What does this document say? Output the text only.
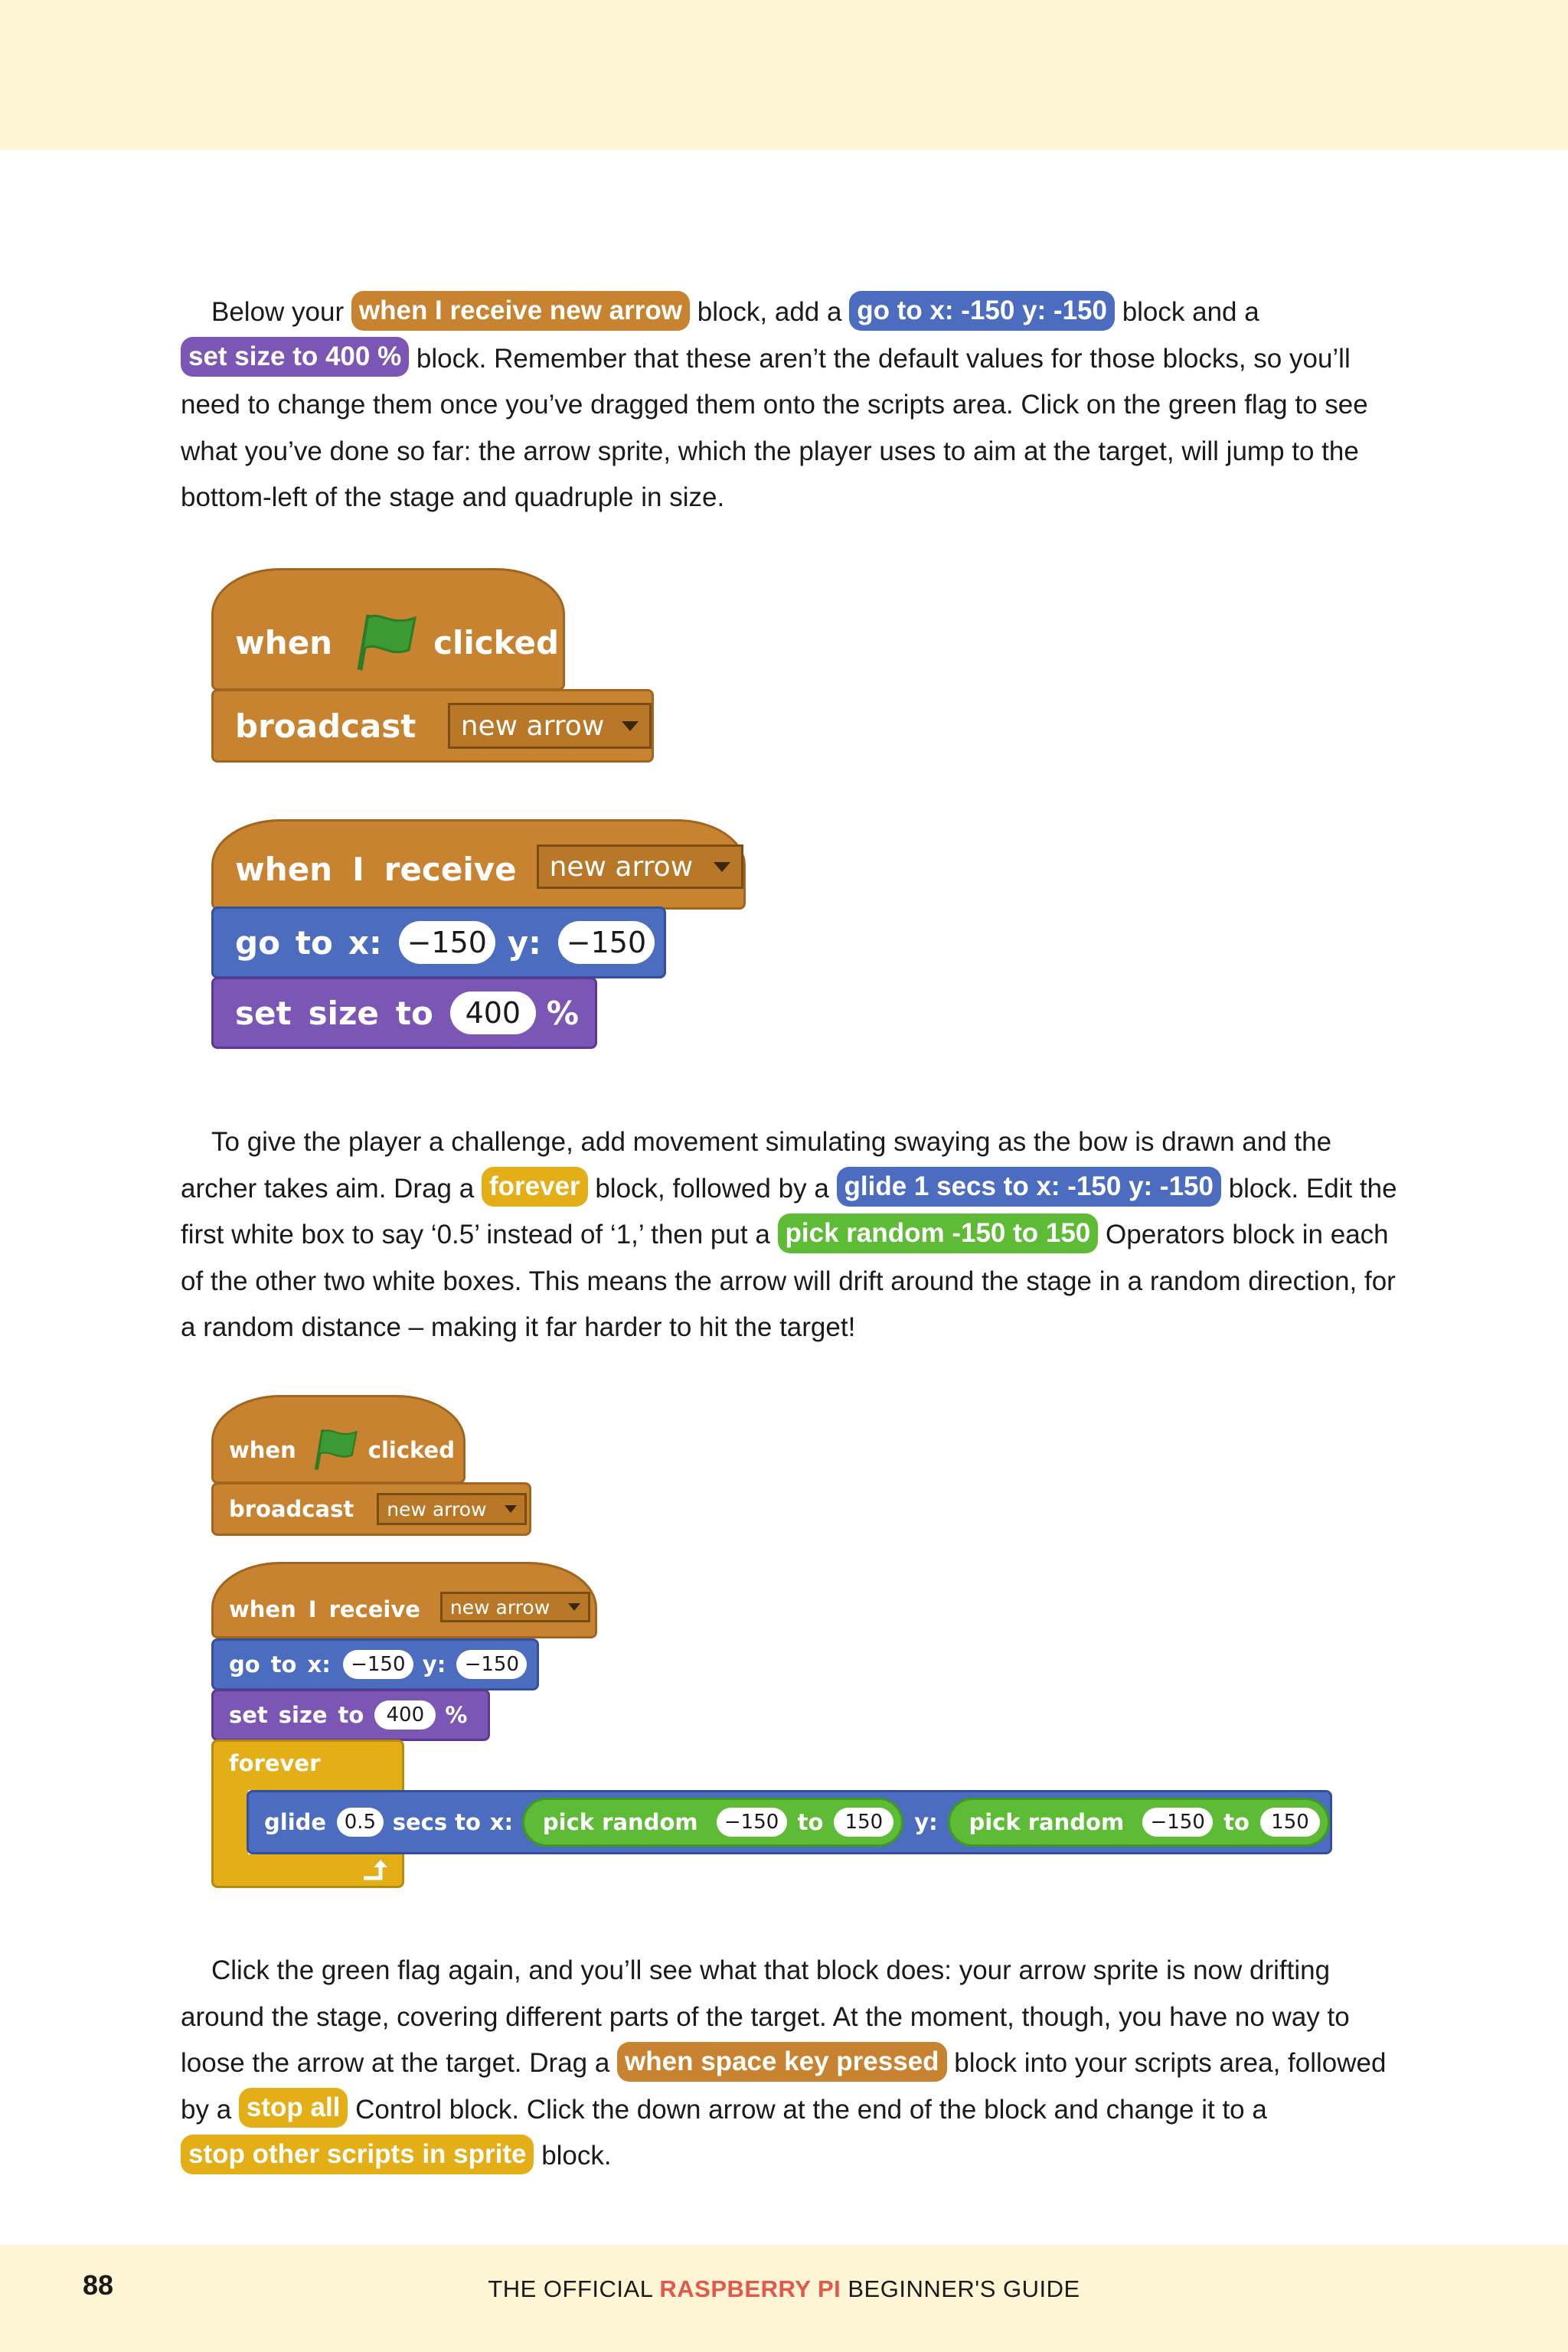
Below your when I receive new arrow block, add a go to x: -150 y: -150 block and a set size to 400 % block. Remember that these aren’t the default values for those blocks, so you’ll need to change them once you’ve dragged them onto the scripts area. Click on the green flag to see what you’ve done so far: the arrow sprite, which the player uses to aim at the target, will jump to the bottom-left of the stage and quadruple in size.

when	clicked
broadcast new arrow
when I receive new arrow
go to x: −150 y: −150
set size to	400 %

To give the player a challenge, add movement simulating swaying as the bow is drawn and the archer takes aim. Drag a forever block, followed by a glide 1 secs to x: -150 y: -150 block. Edit the first white box to say ‘0.5’ instead of ‘1,’ then put a pick random -150 to 150 Operators block in each of the other two white boxes. This means the arrow will drift around the stage in a random direction, for a random distance – making it far harder to hit the target!

when	clicked
broadcast new arrow
when I receive new arrow
go to x:	−150 y: −150
set size to	400 %
forever
glide 0.5 secs to x: pick random	−150 to	150	y: pick random	−150 to	150

Click the green flag again, and you’ll see what that block does: your arrow sprite is now drifting around the stage, covering different parts of the target. At the moment, though, you have no way to loose the arrow at the target. Drag a when space key pressed block into your scripts area, followed by a stop all Control block. Click the down arrow at the end of the block and change it to a stop other scripts in sprite block.

88	THE OFFICIAL RASPBERRY PI BEGINNER'S GUIDE
